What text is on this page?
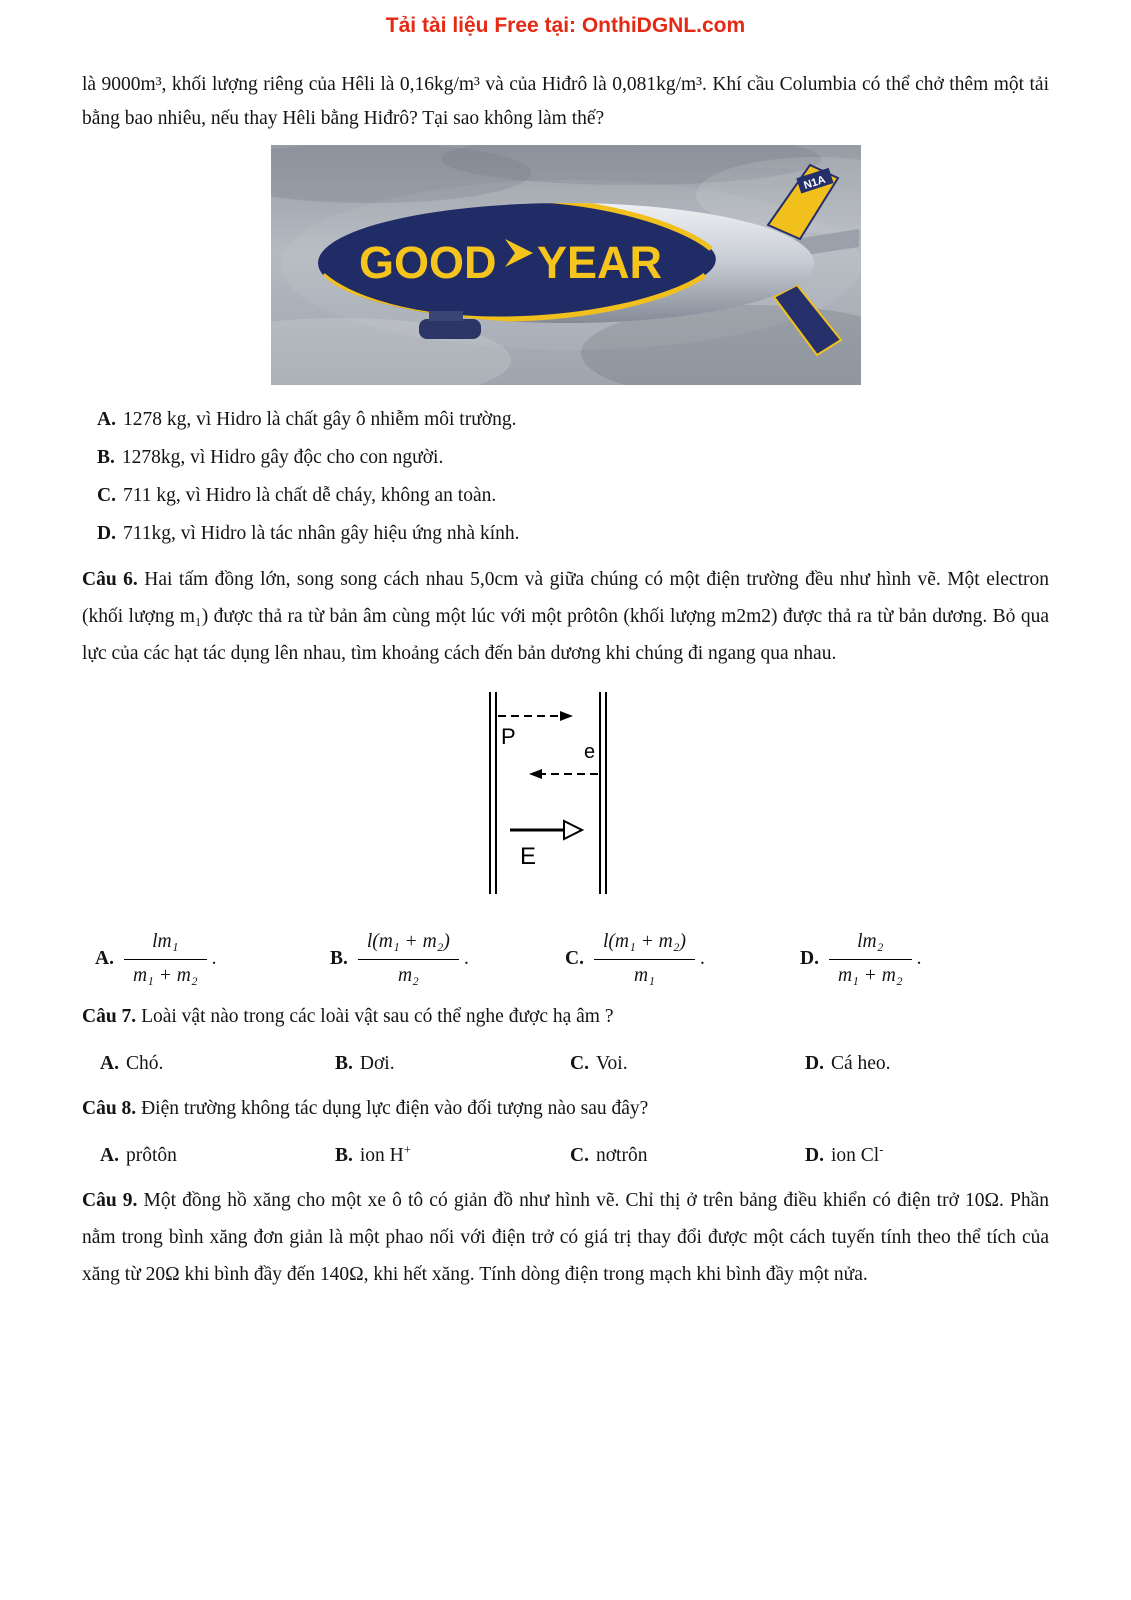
Tải tài liệu Free tại: OnthiDGNL.com

là 9000m³, khối lượng riêng của Hêli là 0,16kg/m³ và của Hiđrô là 0,081kg/m³. Khí cầu Columbia có thể chở thêm một tải bằng bao nhiêu, nếu thay Hêli bằng Hiđrô? Tại sao không làm thế?

N1A
GOOD YEAR

A. 1278 kg, vì Hidro là chất gây ô nhiễm môi trường.

B. 1278kg, vì Hidro gây độc cho con người.

C. 711 kg, vì Hidro là chất dễ cháy, không an toàn.

D. 711kg, vì Hidro là tác nhân gây hiệu ứng nhà kính.

Câu 6. Hai tấm đồng lớn, song song cách nhau 5,0cm và giữa chúng có một điện trường đều như hình vẽ. Một electron (khối lượng m₁) được thả ra từ bản âm cùng một lúc với một prôtôn (khối lượng m2m2) được thả ra từ bản dương. Bỏ qua lực của các hạt tác dụng lên nhau, tìm khoảng cách đến bản dương khi chúng đi ngang qua nhau.

P
e
E
A. $\frac{\text{lm₁}}{\text{m₁ + m₂}}$ .	B. $\frac{\text{l(m₁ + m₂)}}{\text{m₂}}$ .	C. $\frac{\text{l(m₁ + m₂)}}{\text{m₁}}$ .	D. $\frac{\text{lm₂}}{\text{m₁ + m₂}}$ .

Câu 7. Loài vật nào trong các loài vật sau có thể nghe được hạ âm ?

A. Chó.	B. Dơi.	C. Voi.	D. Cá heo.

Câu 8. Điện trường không tác dụng lực điện vào đối tượng nào sau đây?

A. prôtôn	B. ion H+	C. nơtrôn	D. ion Cl-

Câu 9. Một đồng hồ xăng cho một xe ô tô có giản đồ như hình vẽ. Chỉ thị ở trên bảng điều khiển có điện trở 10Ω. Phần nằm trong bình xăng đơn giản là một phao nối với điện trở có giá trị thay đổi được một cách tuyến tính theo thể tích của xăng từ 20Ω khi bình đầy đến 140Ω, khi hết xăng. Tính dòng điện trong mạch khi bình đầy một nửa.
